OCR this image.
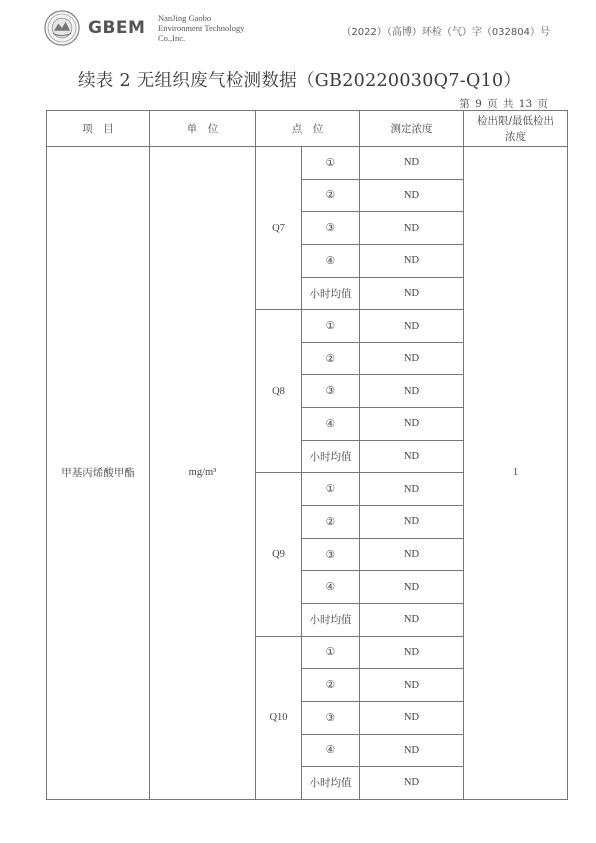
GBEM NanJing Gaobo
Environment Technology
Co.,Inc.	（2022）（高博）环检（气）字（032804）号
续表 2 无组织废气检测数据（GB20220030Q7-Q10）
第 9 页 共 13 页
项　目	单　位	点　位		测定浓度	检出限/最低检出浓度
甲基丙烯酸甲酯	mg/m³	Q7	①	ND	1
			②	ND	
			③	ND	
			④	ND	
			小时均值	ND	
		Q8	①	ND	
			②	ND	
			③	ND	
			④	ND	
			小时均值	ND	
		Q9	①	ND	
			②	ND	
			③	ND	
			④	ND	
			小时均值	ND	
		Q10	①	ND	
			②	ND	
			③	ND	
			④	ND	
			小时均值	ND	
